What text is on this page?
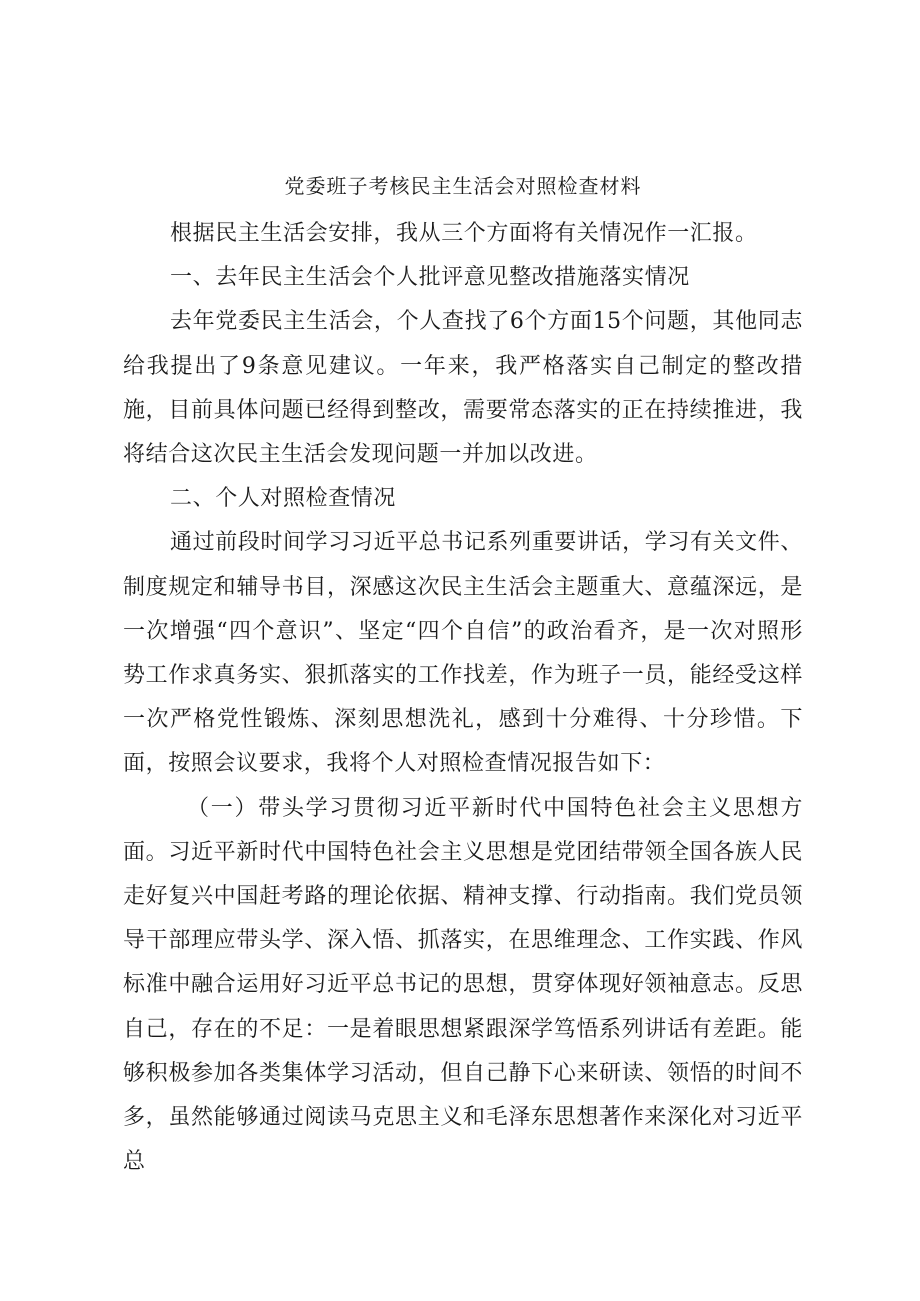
党委班子考核民主生活会对照检查材料

根据民主生活会安排，我从三个方面将有关情况作一汇报。

一、去年民主生活会个人批评意见整改措施落实情况

去年党委民主生活会，个人查找了6个方面15个问题，其他同志给我提出了9条意见建议。一年来，我严格落实自己制定的整改措施，目前具体问题已经得到整改，需要常态落实的正在持续推进，我将结合这次民主生活会发现问题一并加以改进。

二、个人对照检查情况

通过前段时间学习习近平总书记系列重要讲话，学习有关文件、制度规定和辅导书目，深感这次民主生活会主题重大、意蕴深远，是一次增强“四个意识”、坚定“四个自信”的政治看齐，是一次对照形势工作求真务实、狠抓落实的工作找差，作为班子一员，能经受这样一次严格党性锻炼、深刻思想洗礼，感到十分难得、十分珍惜。下面，按照会议要求，我将个人对照检查情况报告如下：

（一）带头学习贯彻习近平新时代中国特色社会主义思想方面。习近平新时代中国特色社会主义思想是党团结带领全国各族人民走好复兴中国赶考路的理论依据、精神支撑、行动指南。我们党员领导干部理应带头学、深入悟、抓落实，在思维理念、工作实践、作风标准中融合运用好习近平总书记的思想，贯穿体现好领袖意志。反思自己，存在的不足：一是着眼思想紧跟深学笃悟系列讲话有差距。能够积极参加各类集体学习活动，但自己静下心来研读、领悟的时间不多，虽然能够通过阅读马克思主义和毛泽东思想著作来深化对习近平总
